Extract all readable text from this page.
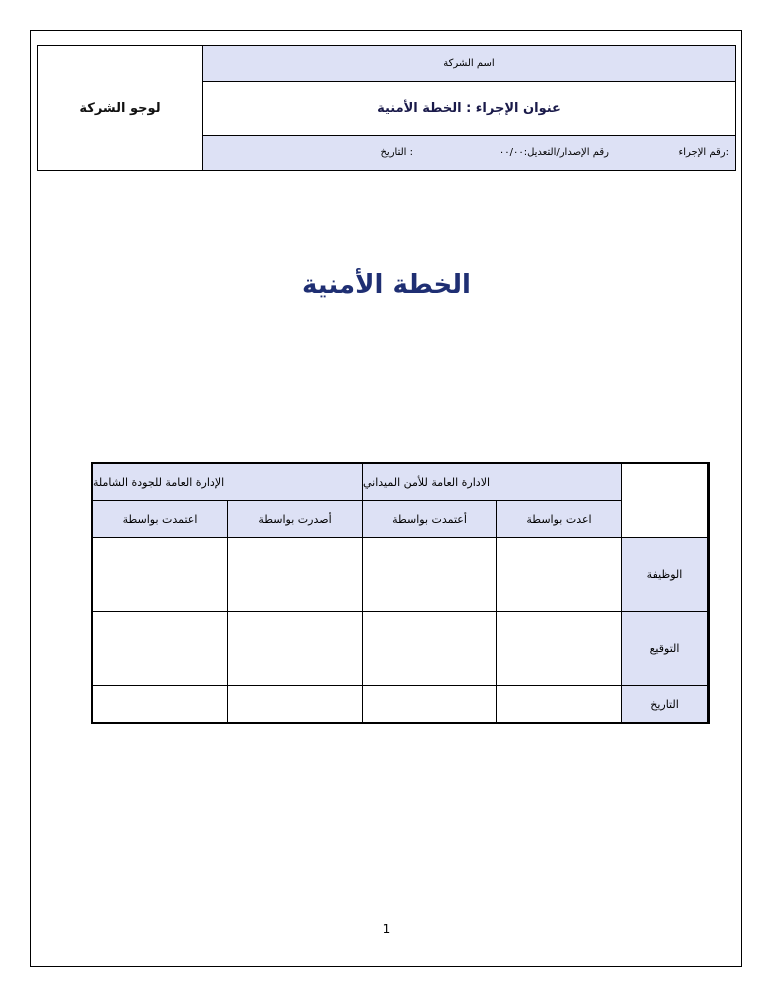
لوجو الشركة
اسم الشركة
عنوان الإجراء : الخطة الأمنية
رقم الإجراء:
رقم الإصدار/التعديل:٠٠/٠٠
التاريخ :
الخطة الأمنية
الإدارة العامة للجودة الشاملة	الادارة العامة للأمن الميداني
اعتمدت بواسطة	أصدرت بواسطة	أعتمدت بواسطة	اعدت بواسطة
الوظيفة
التوقيع
التاريخ
1
